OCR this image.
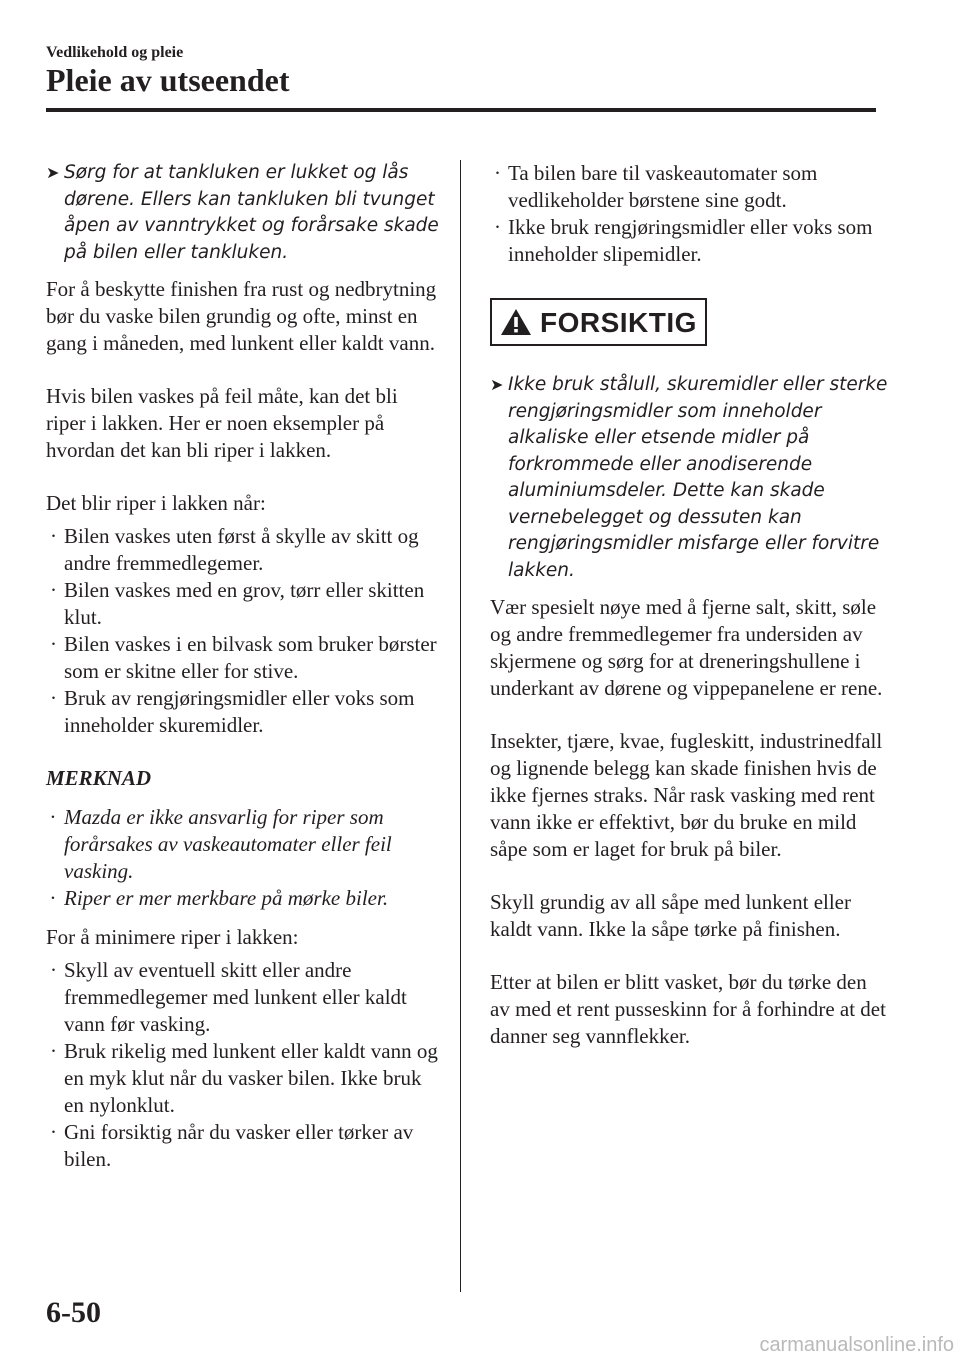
Vedlikehold og pleie
Pleie av utseendet
➤ Sørg for at tankluken er lukket og lås dørene. Ellers kan tankluken bli tvunget åpen av vanntrykket og forårsake skade på bilen eller tankluken.

For å beskytte finishen fra rust og nedbrytning bør du vaske bilen grundig og ofte, minst en gang i måneden, med lunkent eller kaldt vann.

Hvis bilen vaskes på feil måte, kan det bli riper i lakken. Her er noen eksempler på hvordan det kan bli riper i lakken.

Det blir riper i lakken når:

· Bilen vaskes uten først å skylle av skitt og andre fremmedlegemer.
· Bilen vaskes med en grov, tørr eller skitten klut.
· Bilen vaskes i en bilvask som bruker børster som er skitne eller for stive.
· Bruk av rengjøringsmidler eller voks som inneholder skuremidler.

MERKNAD

· Mazda er ikke ansvarlig for riper som forårsakes av vaskeautomater eller feil vasking.
· Riper er mer merkbare på mørke biler.

For å minimere riper i lakken:

· Skyll av eventuell skitt eller andre fremmedlegemer med lunkent eller kaldt vann før vasking.
· Bruk rikelig med lunkent eller kaldt vann og en myk klut når du vasker bilen. Ikke bruk en nylonklut.
· Gni forsiktig når du vasker eller tørker av bilen.
· Ta bilen bare til vaskeautomater som vedlikeholder børstene sine godt.
· Ikke bruk rengjøringsmidler eller voks som inneholder slipemidler.
FORSIKTIG
➤ Ikke bruk stålull, skuremidler eller sterke rengjøringsmidler som inneholder alkaliske eller etsende midler på forkrommede eller anodiserende aluminiumsdeler. Dette kan skade vernebelegget og dessuten kan rengjøringsmidler misfarge eller forvitre lakken.

Vær spesielt nøye med å fjerne salt, skitt, søle og andre fremmedlegemer fra undersiden av skjermene og sørg for at dreneringshullene i underkant av dørene og vippepanelene er rene.

Insekter, tjære, kvae, fugleskitt, industrinedfall og lignende belegg kan skade finishen hvis de ikke fjernes straks. Når rask vasking med rent vann ikke er effektivt, bør du bruke en mild såpe som er laget for bruk på biler.

Skyll grundig av all såpe med lunkent eller kaldt vann. Ikke la såpe tørke på finishen.

Etter at bilen er blitt vasket, bør du tørke den av med et rent pusseskinn for å forhindre at det danner seg vannflekker.

6-50
carmanualsonline.info
